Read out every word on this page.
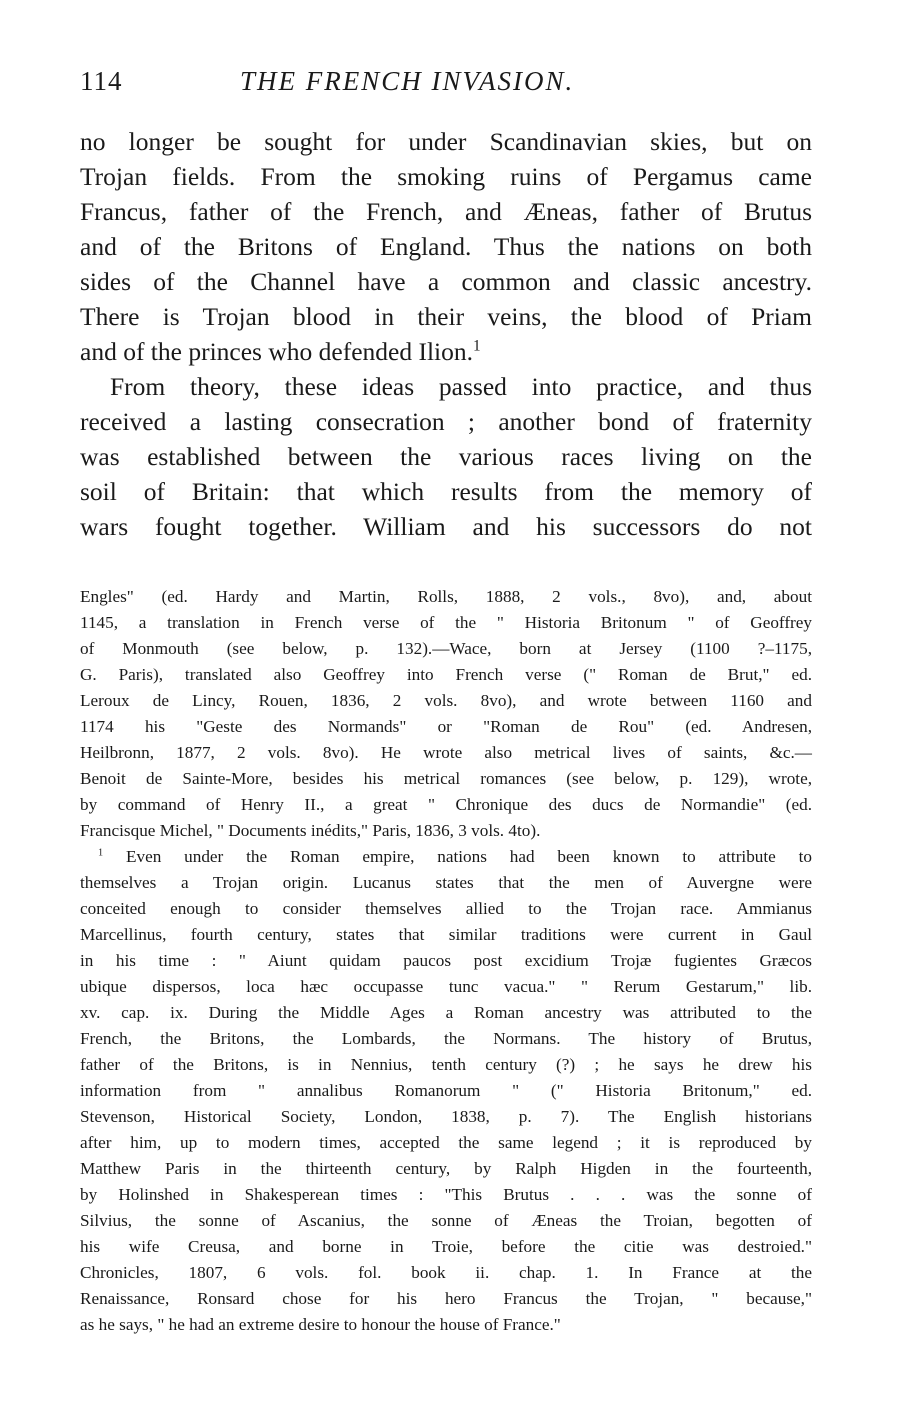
114	THE FRENCH INVASION.
no longer be sought for under Scandinavian skies, but on
Trojan fields. From the smoking ruins of Pergamus came
Francus, father of the French, and Æneas, father of Brutus
and of the Britons of England. Thus the nations on both
sides of the Channel have a common and classic ancestry.
There is Trojan blood in their veins, the blood of Priam
and of the princes who defended Ilion.$^1$
From theory, these ideas passed into practice, and thus
received a lasting consecration ; another bond of fraternity
was established between the various races living on the
soil of Britain: that which results from the memory of
wars fought together. William and his successors do not
Engles" (ed. Hardy and Martin, Rolls, 1888, 2 vols., 8vo), and, about
1145, a translation in French verse of the " Historia Britonum " of Geoffrey
of Monmouth (see below, p. 132).—Wace, born at Jersey (1100 ?–1175,
G. Paris), translated also Geoffrey into French verse (" Roman de Brut," ed.
Leroux de Lincy, Rouen, 1836, 2 vols. 8vo), and wrote between 1160 and
1174 his "Geste des Normands" or "Roman de Rou" (ed. Andresen,
Heilbronn, 1877, 2 vols. 8vo). He wrote also metrical lives of saints, &c.—
Benoit de Sainte-More, besides his metrical romances (see below, p. 129), wrote,
by command of Henry II., a great " Chronique des ducs de Normandie" (ed.
Francisque Michel, " Documents inédits," Paris, 1836, 3 vols. 4to).
$^1$ Even under the Roman empire, nations had been known to attribute to
themselves a Trojan origin. Lucanus states that the men of Auvergne were
conceited enough to consider themselves allied to the Trojan race. Ammianus
Marcellinus, fourth century, states that similar traditions were current in Gaul
in his time : " Aiunt quidam paucos post excidium Trojæ fugientes Græcos
ubique dispersos, loca hæc occupasse tunc vacua." " Rerum Gestarum," lib.
xv. cap. ix. During the Middle Ages a Roman ancestry was attributed to the
French, the Britons, the Lombards, the Normans. The history of Brutus,
father of the Britons, is in Nennius, tenth century (?) ; he says he drew his
information from " annalibus Romanorum " (" Historia Britonum," ed.
Stevenson, Historical Society, London, 1838, p. 7). The English historians
after him, up to modern times, accepted the same legend ; it is reproduced by
Matthew Paris in the thirteenth century, by Ralph Higden in the fourteenth,
by Holinshed in Shakesperean times : "This Brutus . . . was the sonne of
Silvius, the sonne of Ascanius, the sonne of Æneas the Troian, begotten of
his wife Creusa, and borne in Troie, before the citie was destroied."
Chronicles, 1807, 6 vols. fol. book ii. chap. 1. In France at the
Renaissance, Ronsard chose for his hero Francus the Trojan, " because,"
as he says, " he had an extreme desire to honour the house of France."
